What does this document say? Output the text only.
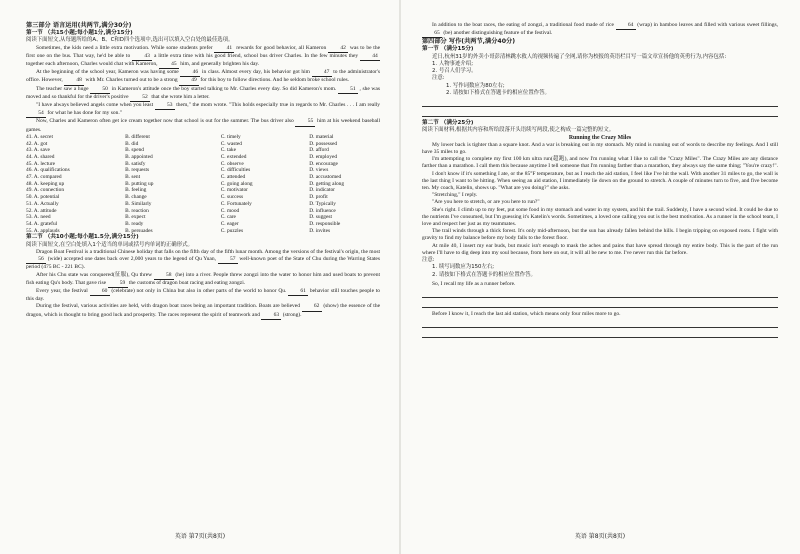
第三部分 语言运用(共两节,满分30分)
第一节 （共15小题;每小题1分,满分15分)
阅读下面短文,从每题所给的A、B、C和D四个选项中,选出可以填入空白处的最佳选项。

Sometimes, the kids need a little extra motivation. While some students prefer	41 rewards for good behavior, all Kameron	42 was to be the first one on the bus. That way, he'd be able to	43 a little extra time with his good friend, school bus driver Charles. In the few minutes they	44 together each afternoon, Charles would chat with Kameron, 45 him, and generally brighten his day.

At the beginning of the school year, Kameron was having some	46 in class. Almost every day, his behavior got him	47 to the administrator's office. However, 48 with Mr. Charles turned out to be a strong 49 for this boy to follow directions. And he seldom broke school rules.

The teacher saw a huge	50 in Kameron's attitude once the boy started talking to Mr. Charles every day. So did Kameron's mom.	51 , she was moved and so thankful for the driver's positive 52 that she wrote him a letter.

"I have always believed angels come when you least	53 them," the mom wrote. "This holds especially true in regards to Mr. Charles . . . I am really 54 for what he has done for my son."

Now, Charles and Kameron often get ice cream together now that school is out for the summer. The bus driver also	55 him at his weekend baseball games.

41. A. secret	B. different	C. timely	D. material
42. A. got	B. did	C. wasted	D. possessed
43. A. save	B. spend	C. take	D. afford
44. A. shared	B. appointed	C. extended	D. employed
45. A. lecture	B. satisfy	C. observe	D. encourage
46. A. qualifications	B. requests	C. difficulties	D. views
47. A. compared	B. sent	C. attended	D. accustomed
48. A. keeping up	B. putting up	C. going along	D. getting along
49. A. connection	B. feeling	C. motivator	D. indicator
50. A. potential	B. change	C. success	D. profit
51. A. Actually	B. Similarly	C. Fortunately	D. Typically
52. A. attitude	B. reaction	C. mood	D. influence
53. A. need	B. expect	C. care	D. suggest
54. A. grateful	B. ready	C. eager	D. responsible
55. A. applauds	B. persuades	C. puzzles	D. invites
第二节 （共10小题;每小题1.5分,满分15分)
阅读下面短文,在空白处填入1个适当的单词或括号内单词的正确形式。

Dragon Boat Festival is a traditional Chinese holiday that falls on the fifth day of the fifth lunar month. Among the versions of the festival's origin, the most 56 (wide) accepted one dates back over 2,000 years to the legend of Qu Yuan,	57 well-known poet of the State of Chu during the Warring States period (475 BC - 221 BC).

After his Chu state was conquered(征服), Qu threw	58 (he) into a river. People threw zongzi into the water to honor him and used boats to prevent fish eating Qu's body. That gave rise 59 the customs of dragon boat racing and eating zongzi.

Every year, the festival	60 (celebrate) not only in China but also in other parts of the world to honor Qu.	61 behavior still touches people to this day.

During the festival, various activities are held, with dragon boat races being an important tradition. Boats are believed	62 (show) the essence of the dragon, which is thought to bring good luck and prosperity. The races represent the spirit of teamwork and 63 (strong).

英语 第7页(共8页)

In addition to the boat races, the eating of zongzi, a traditional food made of rice	64 (wrap) in bamboo leaves and filled with various sweet fillings, 65 (be) another distinguishing feature of the festival.

第四部分 写作(共两节,满分40分)
第一节 （满分15分)

近日,杭州31岁的外卖小哥彭清林跳水救人的视频传遍了全网,请你为校报的英语栏目写一篇文章宣扬他的英勇行为,内容包括:

1. 人物事迹介绍;
2. 号召人们学习。
注意:
1. 写作词数应为80左右;
2. 请按如下格式在答题卡的相应位置作答。
第二节 （满分25分)
阅读下面材料,根据其内容和所给段落开头语续写两段,使之构成一篇完整的短文。
Running the Crazy Miles

My lower back is tighter than a square knot. And a war is breaking out in my stomach. My mind is running out of words to describe my feelings. And I still have 35 miles to go.

I'm attempting to complete my first 100 km ultra run(超跑), and now I'm running what I like to call the "Crazy Miles". The Crazy Miles are any distance farther than a marathon. I call them this because anytime I tell someone that I'm running farther than a marathon, they always say the same thing; "You're crazy!".

I don't know if it's something I ate, or the 85°F temperature, but as I reach the aid station, I feel like I've hit the wall. With another 31 miles to go, the wall is the last thing I want to be hitting. When seeing an aid station, I immediately lie down on the ground to stretch. A couple of minutes turn to five, and five become ten. My coach, Katelin, shows up. "What are you doing?" she asks.

"Stretching," I reply.

"Are you here to stretch, or are you here to run?"

She's right. I climb up to my feet, put some food in my stomach and water in my system, and hit the trail. Suddenly, I have a second wind. It could be due to the nutrients I've consumed, but I'm guessing it's Katelin's words. Sometimes, a loved one calling you out is the best motivation. As a runner in the school team, I love and respect her just as my teammates.

The trail winds through a thick forest. It's only mid-afternoon, but the sun has already fallen behind the hills. I begin tripping on exposed roots. I fight with gravity to find my balance before my body falls to the forest floor.

At mile 40, I insert my ear buds, but music isn't enough to mask the aches and pains that have spread through my entire body. This is the part of the run where I'll have to dig deep into my soul because, from here on out, it will all be new to me. I've never run this far before.

注意:
1. 续写词数应为150左右;
2. 请按如下格式在答题卡的相应位置作答。

So, I recall my life as a runner before.

Before I know it, I reach the last aid station, which means only four miles more to go.

英语 第8页(共8页)
